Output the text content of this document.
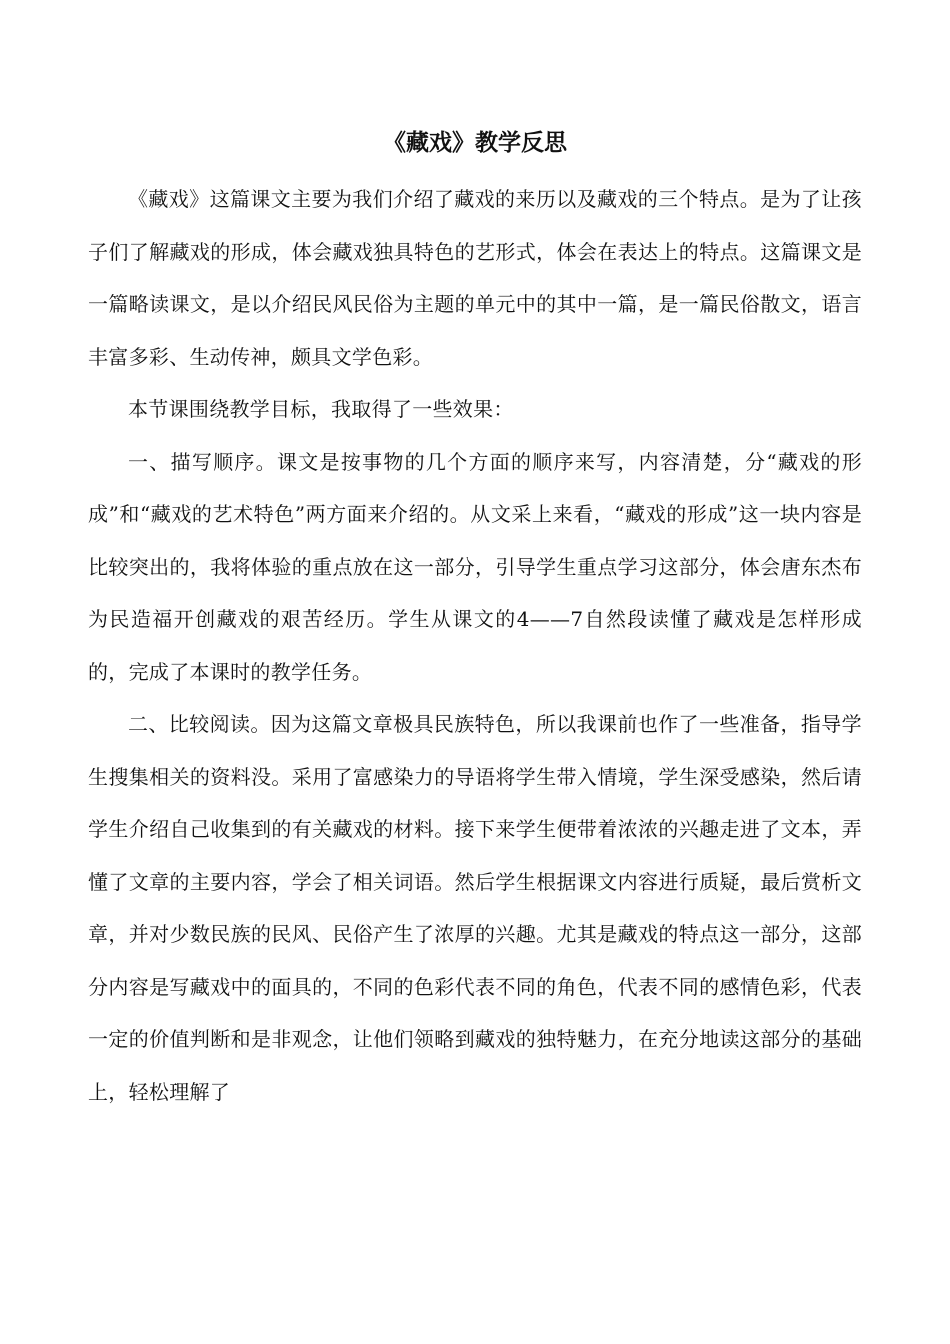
《藏戏》教学反思

《藏戏》这篇课文主要为我们介绍了藏戏的来历以及藏戏的三个特点。是为了让孩子们了解藏戏的形成，体会藏戏独具特色的艺形式，体会在表达上的特点。这篇课文是一篇略读课文，是以介绍民风民俗为主题的单元中的其中一篇，是一篇民俗散文，语言丰富多彩、生动传神，颇具文学色彩。

本节课围绕教学目标，我取得了一些效果：

一、描写顺序。课文是按事物的几个方面的顺序来写，内容清楚，分“藏戏的形成”和“藏戏的艺术特色”两方面来介绍的。从文采上来看，“藏戏的形成”这一块内容是比较突出的，我将体验的重点放在这一部分，引导学生重点学习这部分，体会唐东杰布为民造福开创藏戏的艰苦经历。学生从课文的4——7自然段读懂了藏戏是怎样形成的，完成了本课时的教学任务。

二、比较阅读。因为这篇文章极具民族特色，所以我课前也作了一些准备，指导学生搜集相关的资料没。采用了富感染力的导语将学生带入情境，学生深受感染，然后请学生介绍自己收集到的有关藏戏的材料。接下来学生便带着浓浓的兴趣走进了文本，弄懂了文章的主要内容，学会了相关词语。然后学生根据课文内容进行质疑，最后赏析文章，并对少数民族的民风、民俗产生了浓厚的兴趣。尤其是藏戏的特点这一部分，这部分内容是写藏戏中的面具的，不同的色彩代表不同的角色，代表不同的感情色彩，代表一定的价值判断和是非观念，让他们领略到藏戏的独特魅力，在充分地读这部分的基础上，轻松理解了
